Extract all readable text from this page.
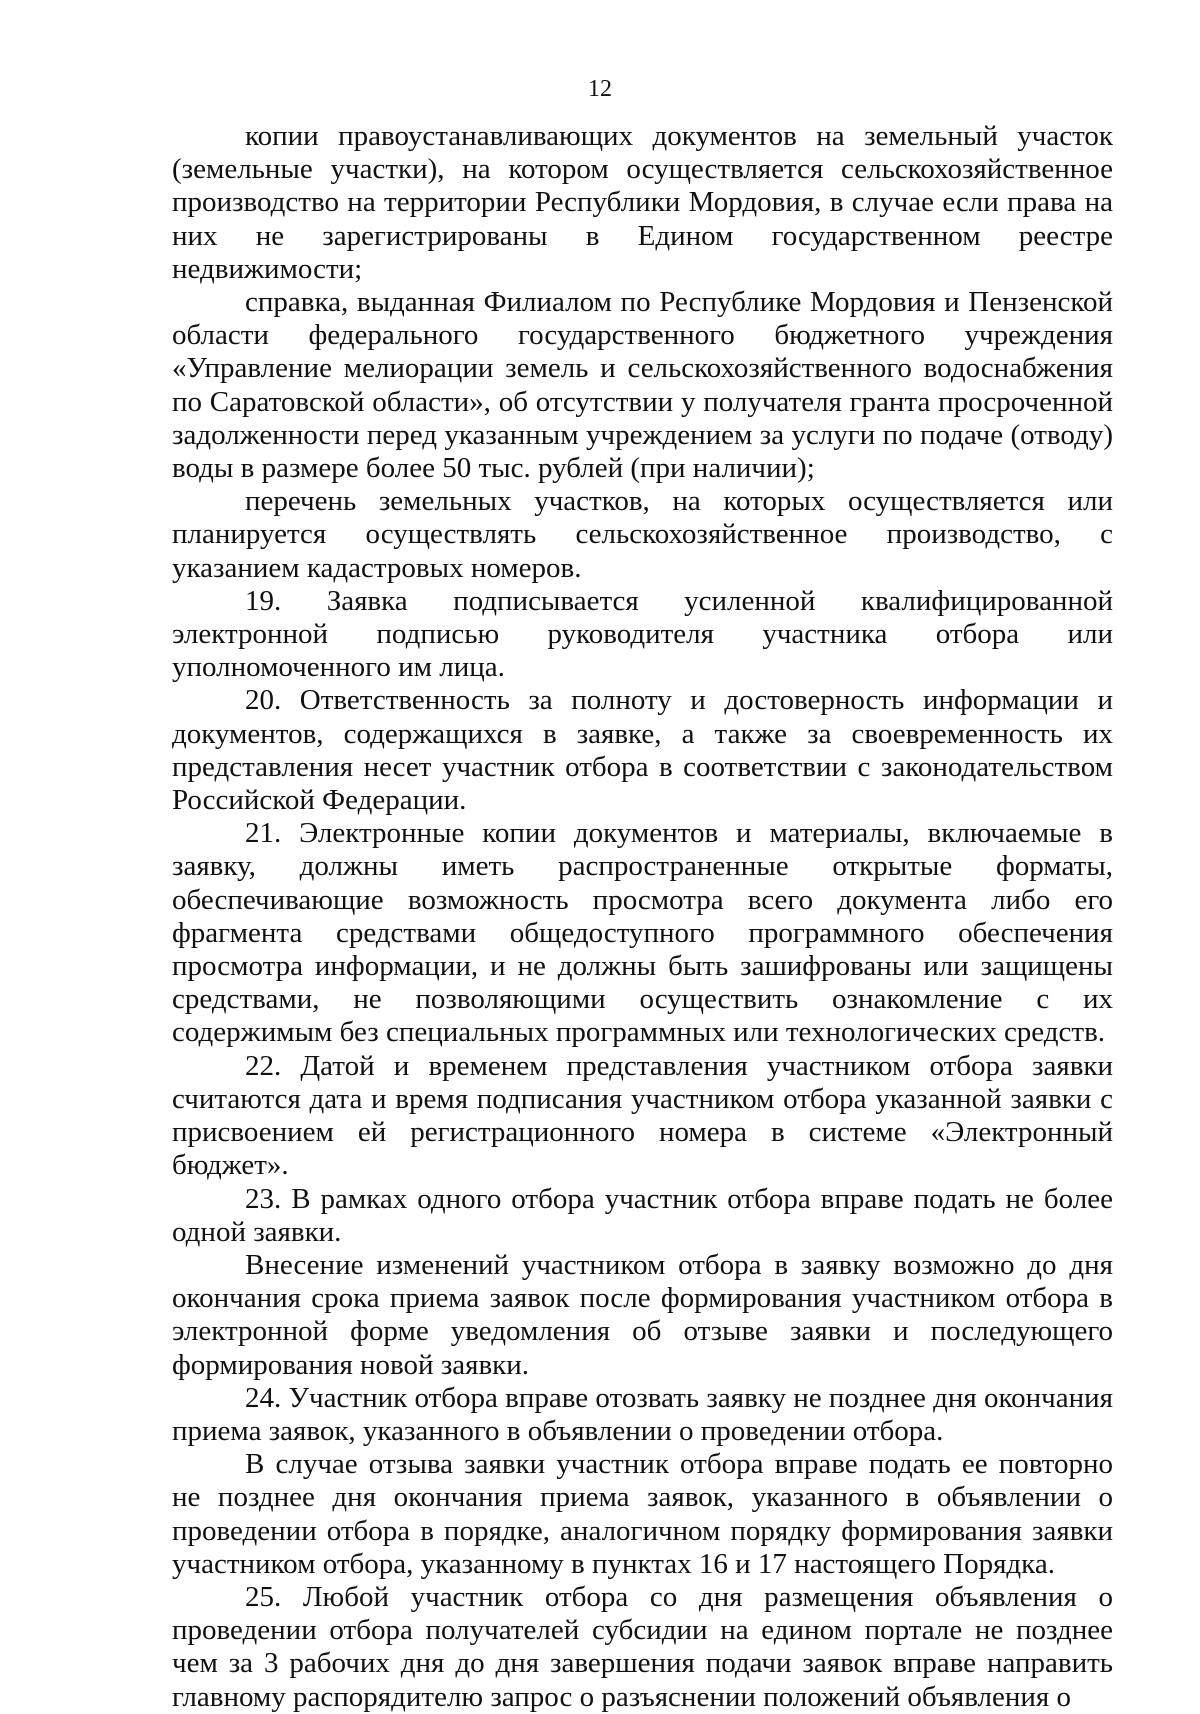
12

копии правоустанавливающих документов на земельный участок (земельные участки), на котором осуществляется сельскохозяйственное производство на территории Республики Мордовия, в случае если права на них не зарегистрированы в Едином государственном реестре недвижимости;

справка, выданная Филиалом по Республике Мордовия и Пензенской области федерального государственного бюджетного учреждения «Управление мелиорации земель и сельскохозяйственного водоснабжения по Саратовской области», об отсутствии у получателя гранта просроченной задолженности перед указанным учреждением за услуги по подаче (отводу) воды в размере более 50 тыс. рублей (при наличии);

перечень земельных участков, на которых осуществляется или планируется осуществлять сельскохозяйственное производство, с указанием кадастровых номеров.

19. Заявка подписывается усиленной квалифицированной электронной подписью руководителя участника отбора или уполномоченного им лица.

20. Ответственность за полноту и достоверность информации и документов, содержащихся в заявке, а также за своевременность их представления несет участник отбора в соответствии с законодательством Российской Федерации.

21. Электронные копии документов и материалы, включаемые в заявку, должны иметь распространенные открытые форматы, обеспечивающие возможность просмотра всего документа либо его фрагмента средствами общедоступного программного обеспечения просмотра информации, и не должны быть зашифрованы или защищены средствами, не позволяющими осуществить ознакомление с их содержимым без специальных программных или технологических средств.

22. Датой и временем представления участником отбора заявки считаются дата и время подписания участником отбора указанной заявки с присвоением ей регистрационного номера в системе «Электронный бюджет».

23. В рамках одного отбора участник отбора вправе подать не более одной заявки.

Внесение изменений участником отбора в заявку возможно до дня окончания срока приема заявок после формирования участником отбора в электронной форме уведомления об отзыве заявки и последующего формирования новой заявки.

24. Участник отбора вправе отозвать заявку не позднее дня окончания приема заявок, указанного в объявлении о проведении отбора.

В случае отзыва заявки участник отбора вправе подать ее повторно не позднее дня окончания приема заявок, указанного в объявлении о проведении отбора в порядке, аналогичном порядку формирования заявки участником отбора, указанному в пунктах 16 и 17 настоящего Порядка.

25. Любой участник отбора со дня размещения объявления о проведении отбора получателей субсидии на едином портале не позднее чем за 3 рабочих дня до дня завершения подачи заявок вправе направить главному распорядителю запрос о разъяснении положений объявления о
